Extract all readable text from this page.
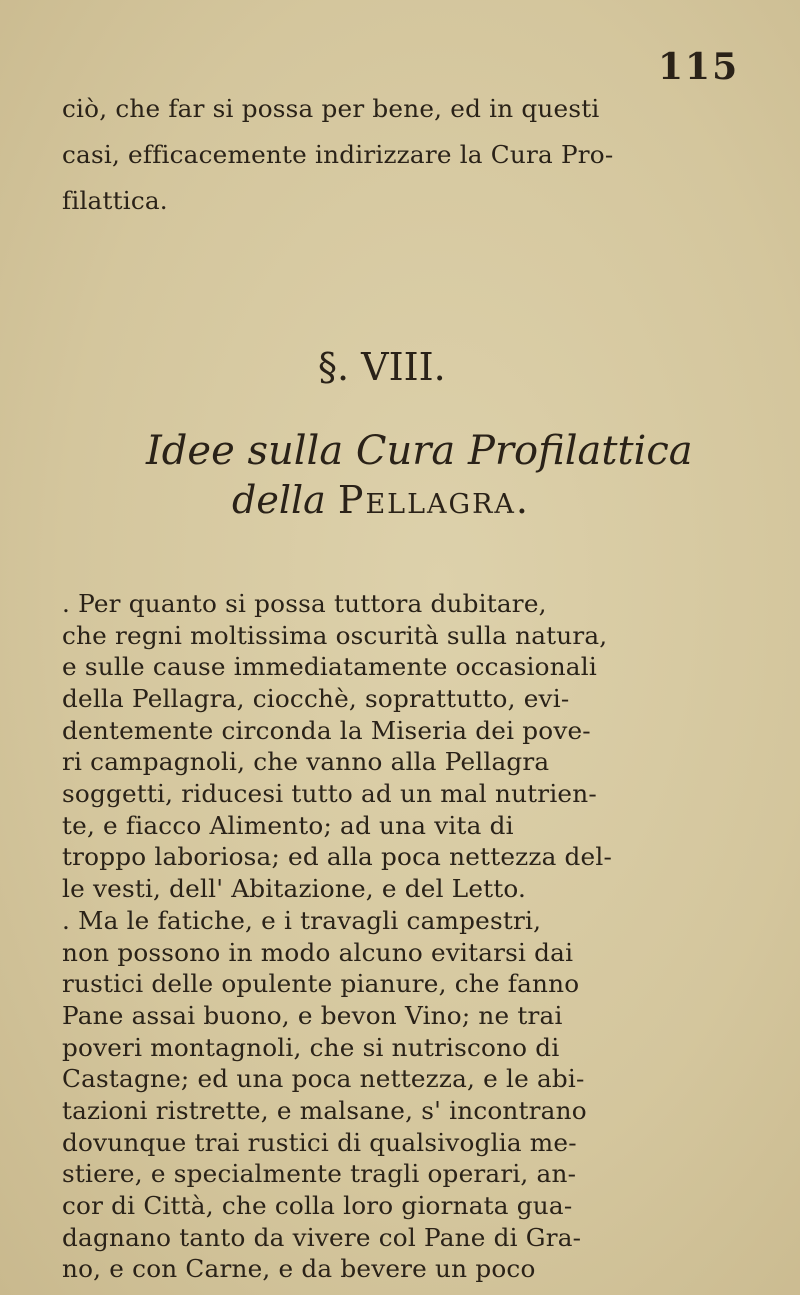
115
ciò, che far si possa per bene, ed in questi
casi, efficacemente indirizzare la Cura Pro-
filattica.
§. VIII.
Idee sulla Cura Profilattica
della Pellagra.
. Per quanto si possa tuttora dubitare,
che regni moltissima oscurità sulla natura,
e sulle cause immediatamente occasionali
della Pellagra, ciocchè, soprattutto, evi-
dentemente circonda la Miseria dei pove-
ri campagnoli, che vanno alla Pellagra
soggetti, riducesi tutto ad un mal nutrien-
te, e fiacco Alimento; ad una vita di
troppo laboriosa; ed alla poca nettezza del-
le vesti, dell' Abitazione, e del Letto.
. Ma le fatiche, e i travagli campestri,
non possono in modo alcuno evitarsi dai
rustici delle opulente pianure, che fanno
Pane assai buono, e bevon Vino; ne trai
poveri montagnoli, che si nutriscono di
Castagne; ed una poca nettezza, e le abi-
tazioni ristrette, e malsane, s' incontrano
dovunque trai rustici di qualsivoglia me-
stiere, e specialmente tragli operari, an-
cor di Città, che colla loro giornata gua-
dagnano tanto da vivere col Pane di Gra-
no, e con Carne, e da bevere un poco
